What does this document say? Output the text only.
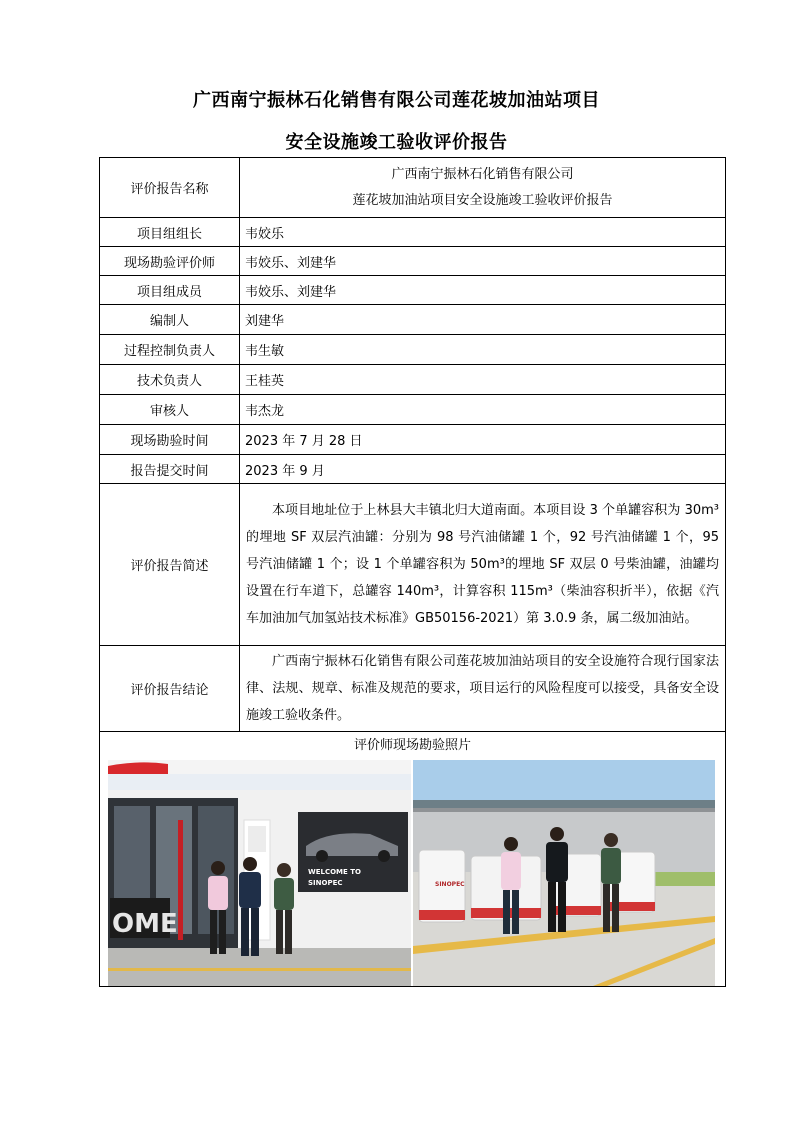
广西南宁振林石化销售有限公司莲花坡加油站项目
安全设施竣工验收评价报告
评价报告名称	广西南宁振林石化销售有限公司
莲花坡加油站项目安全设施竣工验收评价报告

项目组组长	韦姣乐
现场勘验评价师	韦姣乐、刘建华
项目组成员	韦姣乐、刘建华
编制人	刘建华
过程控制负责人	韦生敏
技术负责人	王桂英
审核人	韦杰龙
现场勘验时间	2023 年 7 月 28 日
报告提交时间	2023 年 9 月
评价报告简述	本项目地址位于上林县大丰镇北归大道南面。本项目设 3 个单罐容积为 30m³的埋地 SF 双层汽油罐：分别为 98 号汽油储罐 1 个，92 号汽油储罐 1 个，95 号汽油储罐 1 个；设 1 个单罐容积为 50m³的埋地 SF 双层 0 号柴油罐，油罐均设置在行车道下，总罐容 140m³，计算容积 115m³（柴油容积折半），依据《汽车加油加气加氢站技术标准》GB50156-2021）第 3.0.9 条，属二级加油站。

评价报告结论	广西南宁振林石化销售有限公司莲花坡加油站项目的安全设施符合现行国家法律、法规、规章、标准及规范的要求，项目运行的风险程度可以接受，具备安全设施竣工验收条件。

评价师现场勘验照片
OME
WELCOME TO
SINOPEC SINOPEC	
